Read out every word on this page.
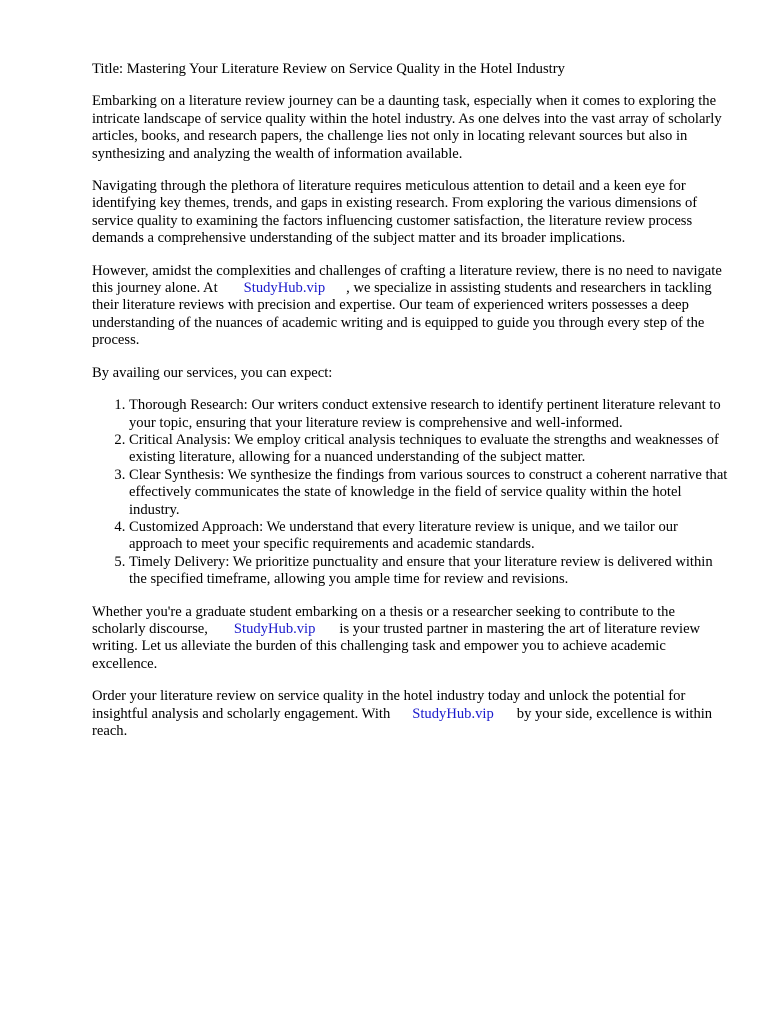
Title: Mastering Your Literature Review on Service Quality in the Hotel Industry

Embarking on a literature review journey can be a daunting task, especially when it comes to exploring the intricate landscape of service quality within the hotel industry. As one delves into the vast array of scholarly articles, books, and research papers, the challenge lies not only in locating relevant sources but also in synthesizing and analyzing the wealth of information available.

Navigating through the plethora of literature requires meticulous attention to detail and a keen eye for identifying key themes, trends, and gaps in existing research. From exploring the various dimensions of service quality to examining the factors influencing customer satisfaction, the literature review process demands a comprehensive understanding of the subject matter and its broader implications.

However, amidst the complexities and challenges of crafting a literature review, there is no need to navigate this journey alone. At StudyHub.vip , we specialize in assisting students and researchers in tackling their literature reviews with precision and expertise. Our team of experienced writers possesses a deep understanding of the nuances of academic writing and is equipped to guide you through every step of the process.

By availing our services, you can expect:

1. Thorough Research: Our writers conduct extensive research to identify pertinent literature relevant to your topic, ensuring that your literature review is comprehensive and well-informed.
2. Critical Analysis: We employ critical analysis techniques to evaluate the strengths and weaknesses of existing literature, allowing for a nuanced understanding of the subject matter.
3. Clear Synthesis: We synthesize the findings from various sources to construct a coherent narrative that effectively communicates the state of knowledge in the field of service quality within the hotel industry.
4. Customized Approach: We understand that every literature review is unique, and we tailor our approach to meet your specific requirements and academic standards.
5. Timely Delivery: We prioritize punctuality and ensure that your literature review is delivered within the specified timeframe, allowing you ample time for review and revisions.

Whether you're a graduate student embarking on a thesis or a researcher seeking to contribute to the scholarly discourse, StudyHub.vip is your trusted partner in mastering the art of literature review writing. Let us alleviate the burden of this challenging task and empower you to achieve academic excellence.

Order your literature review on service quality in the hotel industry today and unlock the potential for insightful analysis and scholarly engagement. With StudyHub.vip by your side, excellence is within reach.
